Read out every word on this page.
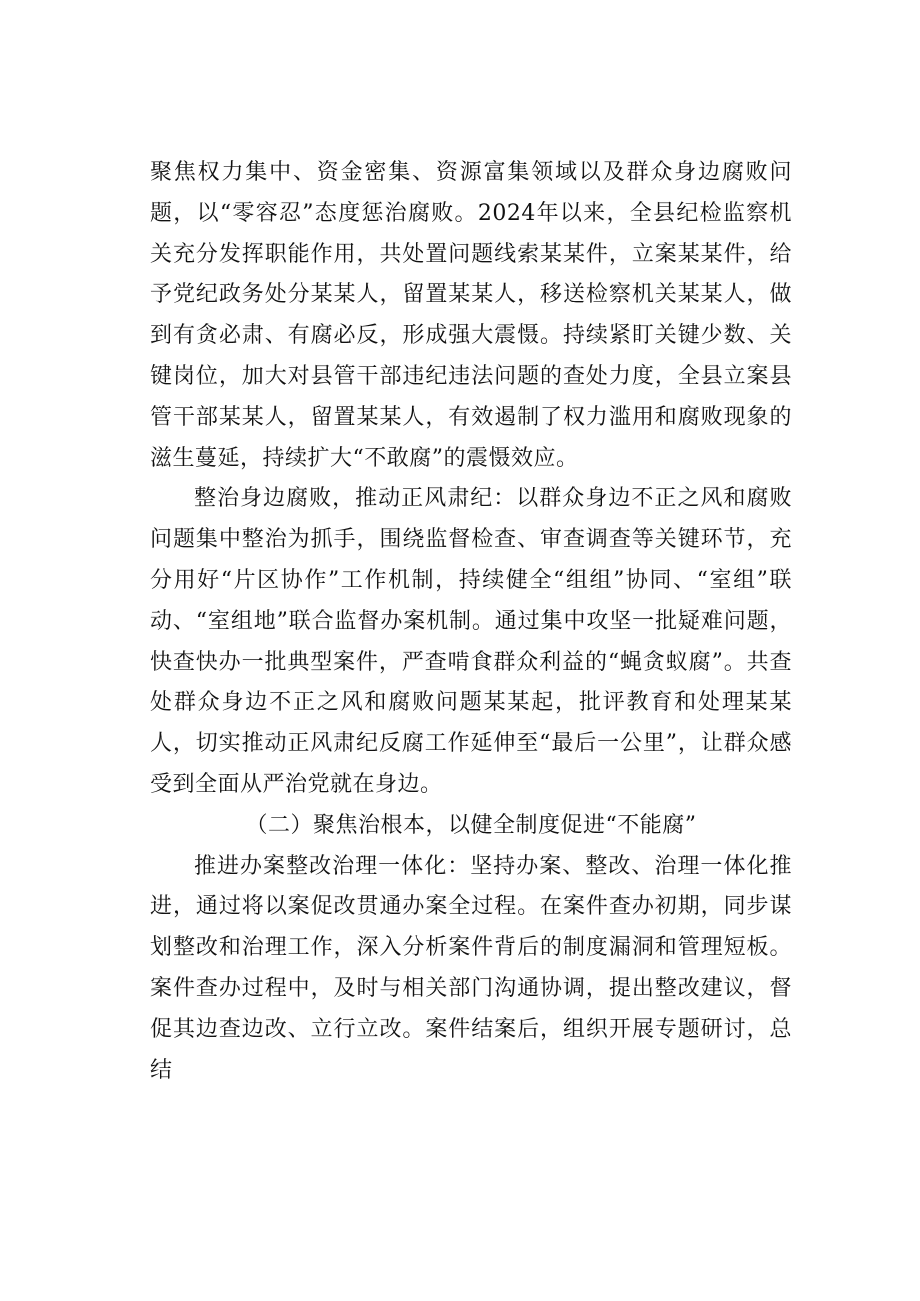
聚焦权力集中、资金密集、资源富集领域以及群众身边腐败问题，以“零容忍”态度惩治腐败。2024年以来，全县纪检监察机关充分发挥职能作用，共处置问题线索某某件，立案某某件，给予党纪政务处分某某人，留置某某人，移送检察机关某某人，做到有贪必肃、有腐必反，形成强大震慑。持续紧盯关键少数、关键岗位，加大对县管干部违纪违法问题的查处力度，全县立案县管干部某某人，留置某某人，有效遏制了权力滥用和腐败现象的滋生蔓延，持续扩大“不敢腐”的震慑效应。

整治身边腐败，推动正风肃纪：以群众身边不正之风和腐败问题集中整治为抓手，围绕监督检查、审查调查等关键环节，充分用好“片区协作”工作机制，持续健全“组组”协同、“室组”联动、“室组地”联合监督办案机制。通过集中攻坚一批疑难问题，快查快办一批典型案件，严查啃食群众利益的“蝇贪蚁腐”。共查处群众身边不正之风和腐败问题某某起，批评教育和处理某某人，切实推动正风肃纪反腐工作延伸至“最后一公里”，让群众感受到全面从严治党就在身边。

（二）聚焦治根本，以健全制度促进“不能腐”

推进办案整改治理一体化：坚持办案、整改、治理一体化推进，通过将以案促改贯通办案全过程。在案件查办初期，同步谋划整改和治理工作，深入分析案件背后的制度漏洞和管理短板。案件查办过程中，及时与相关部门沟通协调，提出整改建议，督促其边查边改、立行立改。案件结案后，组织开展专题研讨，总结
